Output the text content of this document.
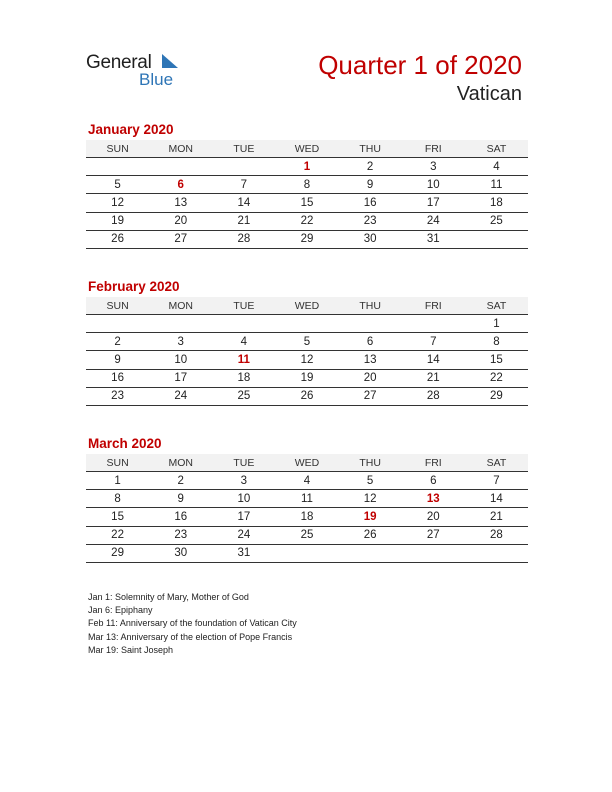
General
Blue	Quarter 1 of 2020
Vatican
January 2020
SUN	MON	TUE	WED	THU	FRI	SAT
			1	2	3	4
5	6	7	8	9	10	11
12	13	14	15	16	17	18
19	20	21	22	23	24	25
26	27	28	29	30	31	
February 2020
SUN	MON	TUE	WED	THU	FRI	SAT
						1
2	3	4	5	6	7	8
9	10	11	12	13	14	15
16	17	18	19	20	21	22
23	24	25	26	27	28	29
March 2020
SUN	MON	TUE	WED	THU	FRI	SAT
1	2	3	4	5	6	7
8	9	10	11	12	13	14
15	16	17	18	19	20	21
22	23	24	25	26	27	28
29	30	31				
Jan 1: Solemnity of Mary, Mother of God
Jan 6: Epiphany
Feb 11: Anniversary of the foundation of Vatican City
Mar 13: Anniversary of the election of Pope Francis
Mar 19: Saint Joseph
